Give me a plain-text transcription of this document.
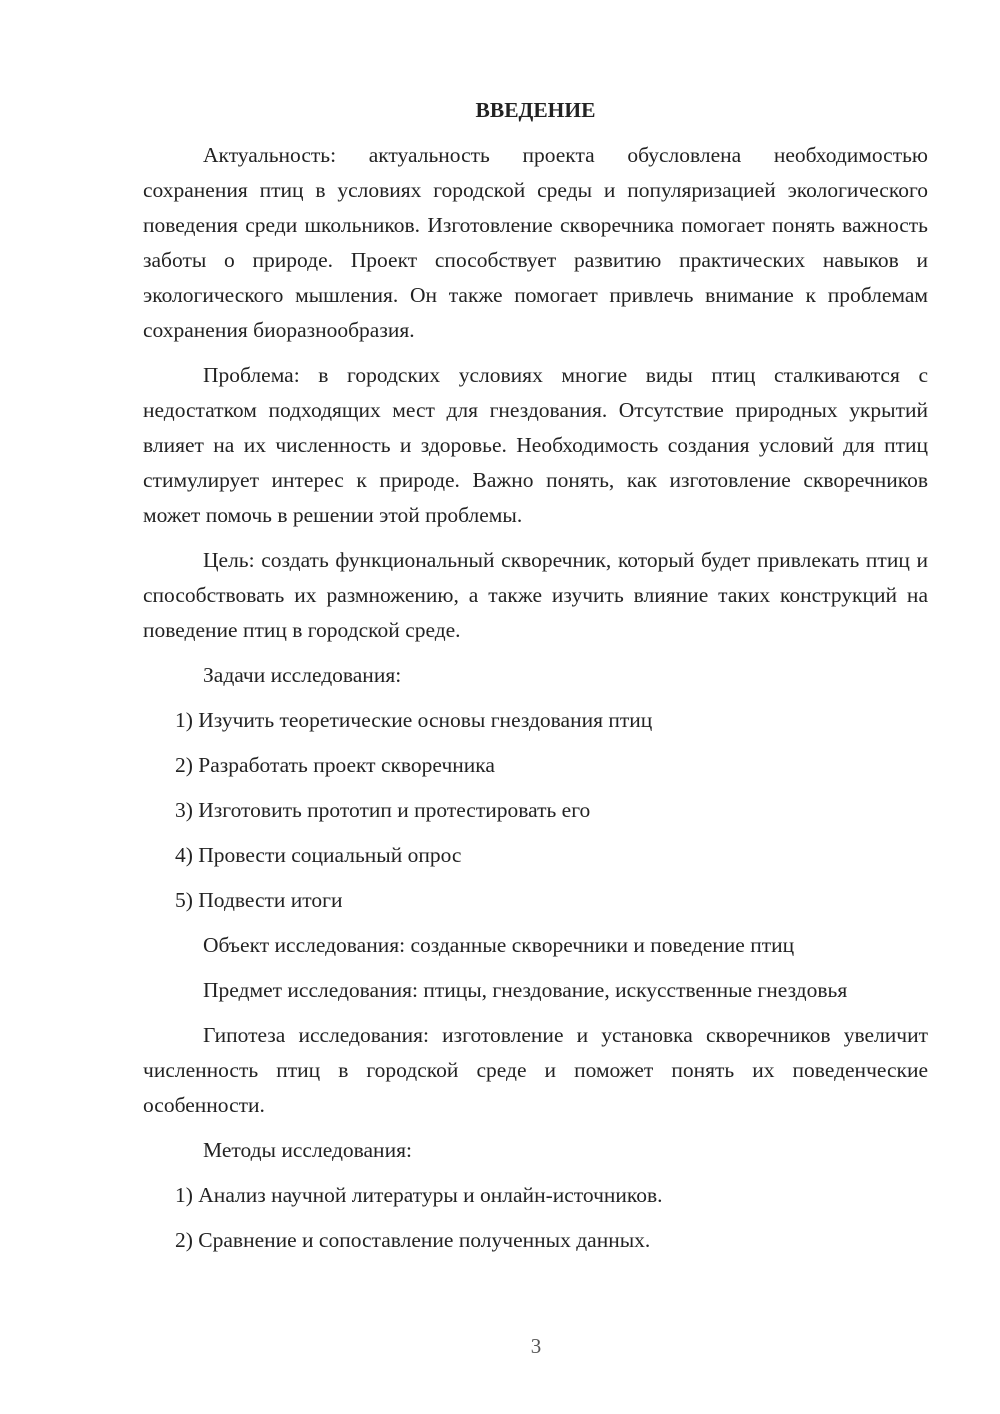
ВВЕДЕНИЕ

Актуальность: актуальность проекта обусловлена необходимостью сохранения птиц в условиях городской среды и популяризацией экологического поведения среди школьников. Изготовление скворечника помогает понять важность заботы о природе. Проект способствует развитию практических навыков и экологического мышления. Он также помогает привлечь внимание к проблемам сохранения биоразнообразия.

Проблема: в городских условиях многие виды птиц сталкиваются с недостатком подходящих мест для гнездования. Отсутствие природных укрытий влияет на их численность и здоровье. Необходимость создания условий для птиц стимулирует интерес к природе. Важно понять, как изготовление скворечников может помочь в решении этой проблемы.

Цель: создать функциональный скворечник, который будет привлекать птиц и способствовать их размножению, а также изучить влияние таких конструкций на поведение птиц в городской среде.

Задачи исследования:

1) Изучить теоретические основы гнездования птиц

2) Разработать проект скворечника

3) Изготовить прототип и протестировать его

4) Провести социальный опрос

5) Подвести итоги

Объект исследования: созданные скворечники и поведение птиц

Предмет исследования: птицы, гнездование, искусственные гнездовья

Гипотеза исследования: изготовление и установка скворечников увеличит численность птиц в городской среде и поможет понять их поведенческие особенности.

Методы исследования:

1) Анализ научной литературы и онлайн-источников.

2) Сравнение и сопоставление полученных данных.

3
